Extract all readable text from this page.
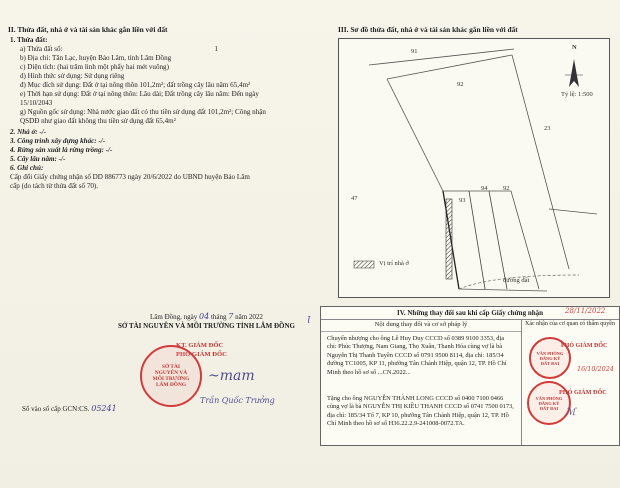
II. Thửa đất, nhà ở và tài sản khác gắn liền với đất
1. Thửa đất:
a) Thửa đất số:	1
b) Địa chỉ: Tân Lạc, huyện Bảo Lâm, tỉnh Lâm Đồng
c) Diện tích: (hai trăm linh một phẩy hai mét vuông)
d) Hình thức sử dụng: Sử dụng riêng
đ) Mục đích sử dụng: Đất ở tại nông thôn 101,2m²; đất trồng cây lâu năm 65,4m²
e) Thời hạn sử dụng: Đất ở tại nông thôn: Lâu dài; Đất trồng cây lâu năm: Đến ngày
15/10/2043
g) Nguồn gốc sử dụng: Nhà nước giao đất có thu tiền sử dụng đất 101,2m²; Công nhận
QSDĐ như giao đất không thu tiền sử dụng đất 65,4m²
2. Nhà ở: -/-
3. Công trình xây dựng khác: -/-
4. Rừng sản xuất là rừng trồng: -/-
5. Cây lâu năm: -/-
6. Ghi chú:
Cấp đổi Giấy chứng nhận số DD 886773 ngày 20/6/2022 do UBND huyện Bảo Lâm
cấp (do tách từ thửa đất số 70).
Lâm Đồng, ngày 04 tháng 7 năm 2022
SỞ TÀI NGUYÊN VÀ MÔI TRƯỜNG TỈNH LÂM ĐỒNG Ɩ
KT. GIÁM ĐỐC
PHÓ GIÁM ĐỐC
SỞ TÀI
NGUYÊN VÀ
MÔI TRƯỜNG
LÂM ĐỒNG
~mam
Trần Quốc Trưởng
Số vào sổ cấp GCN:CS. 05241
III. Sơ đồ thửa đất, nhà ở và tài sản khác gắn liền với đất
91
92
23
47	93
94 92
đường đất
Vị trí nhà ở
N
Tỷ lệ: 1:500
IV. Những thay đổi sau khi cấp Giấy chứng nhận
Nội dung thay đổi và cơ sở pháp lý
Chuyển nhượng cho ông Lê Huy Duy CCCD số 0389 9100 3353, địa chỉ: Phúc Thượng, Nam Giang, Thọ Xuân, Thanh Hóa cùng vợ là bà Nguyễn Thị Thanh Tuyền CCCD số 0791 9500 8114, địa chỉ: 185/34 đường TC1005, KP 11, phường Tân Chánh Hiệp, quận 12, TP. Hồ Chí Minh theo hồ sơ số ...CN.2022...
Tặng cho ông NGUYỄN THÀNH LONG CCCD số 0400 7100 0466 cùng vợ là bà NGUYỄN THỊ KIỀU THANH CCCD số 0741 7500 0173, địa chỉ: 185/34 Tổ 7, KP 10, phường Tân Chánh Hiệp, quận 12, TP. Hồ Chí Minh theo hồ sơ số H36.22.2.9-241008-0072.TA.
Xác nhận của cơ quan có thẩm quyền
28/11/2022
VĂN PHÒNG
ĐĂNG KÝ
ĐẤT ĐAI
PHÓ GIÁM ĐỐC
16/10/2024
VĂN PHÒNG
ĐĂNG KÝ
ĐẤT ĐAI
PHÓ GIÁM ĐỐC
ℳ
